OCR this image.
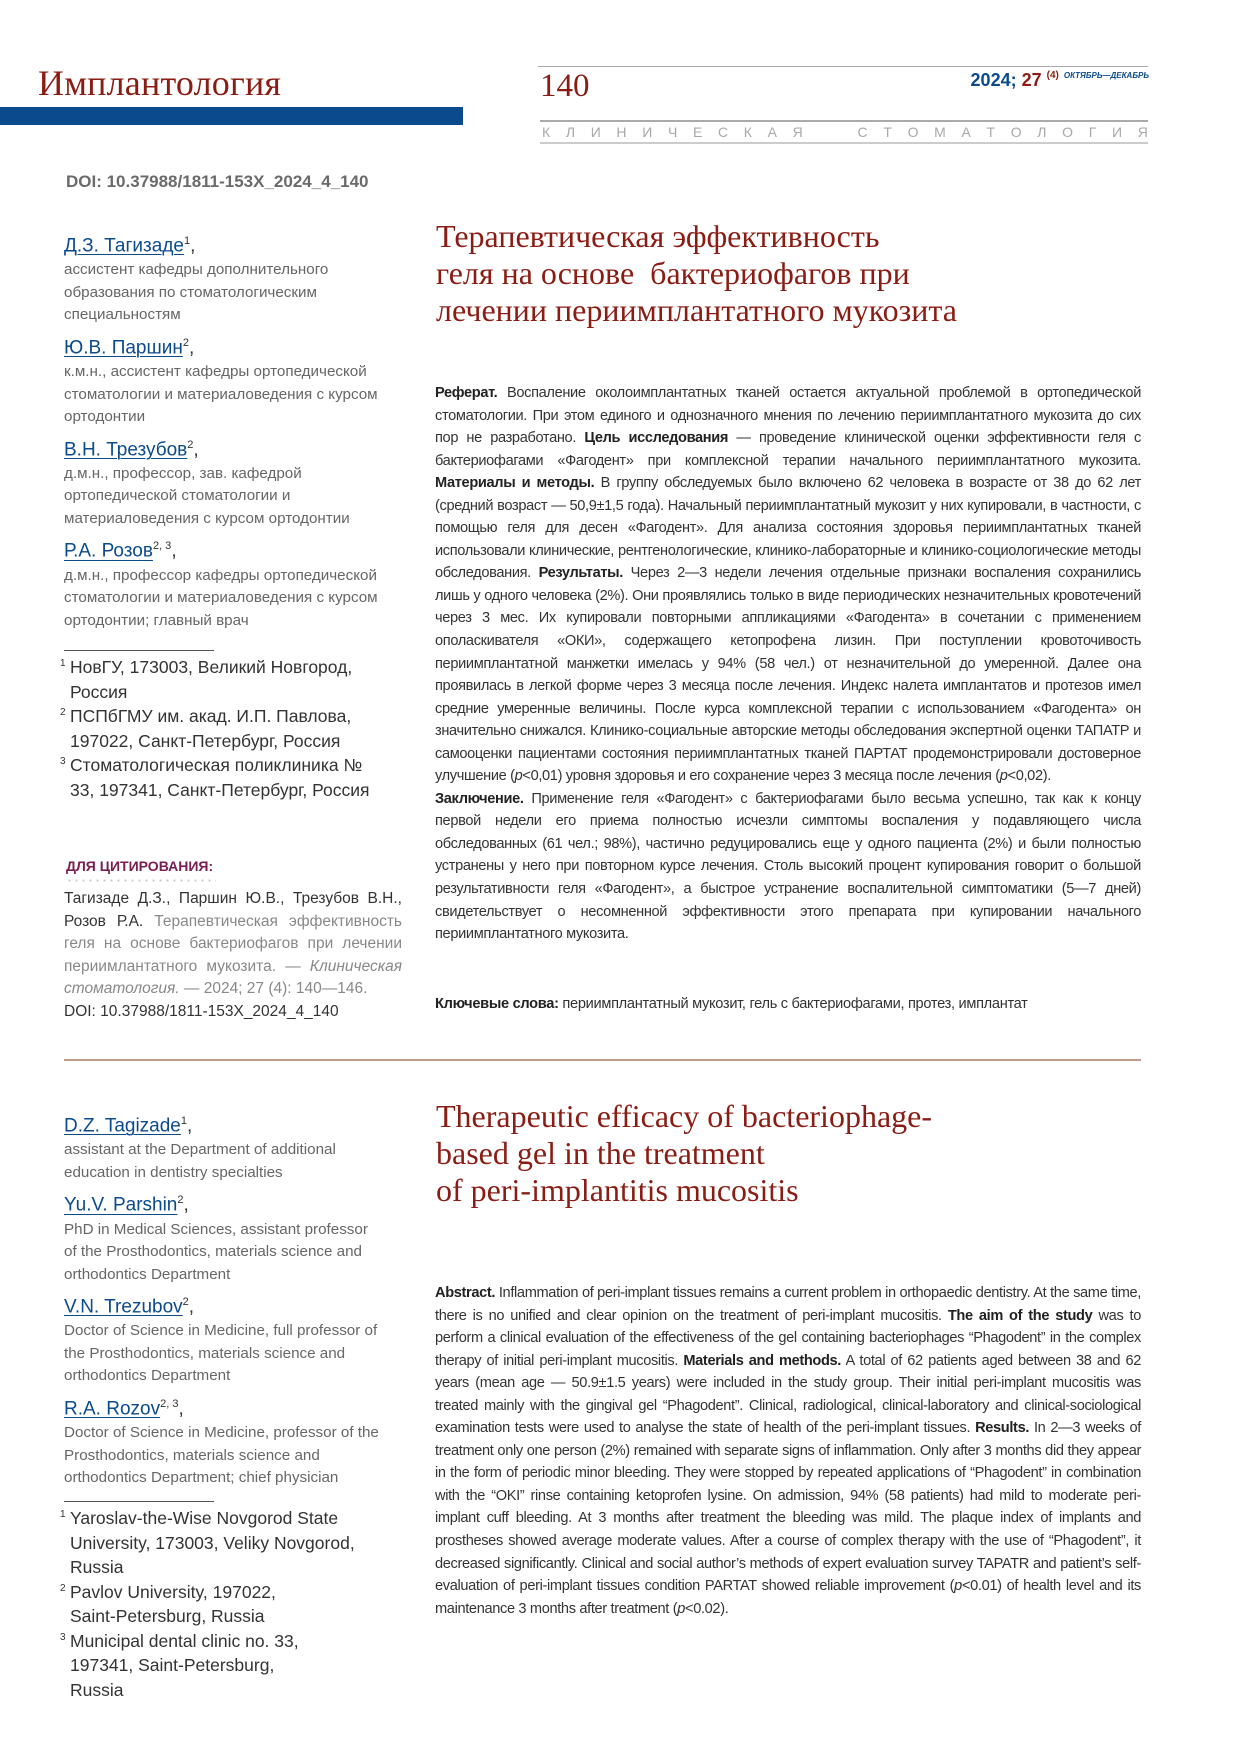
Имплантология	140	2024; 27 $^{(4)}$ $^{ОКТЯБРЬ—ДЕКАБРЬ}$
К Л И Н И Ч Е С К А Я

	С Т О М А Т О Л О Г И Я
DOI: 10.37988/1811-153X_2024_4_140
Д.З. Тагизаде$^1$,
ассистент кафедры дополнительного образования по стоматологическим специальностям
Ю.В. Паршин$^2$,
к.м.н., ассистент кафедры ортопедической стоматологии и материаловедения с курсом ортодонтии
В.Н. Трезубов$^2$,
д.м.н., профессор, зав. кафедрой ортопедической стоматологии и материаловедения с курсом ортодонтии
Р.А. Розов$^{2, 3}$,
д.м.н., профессор кафедры ортопедической стоматологии и материаловедения с курсом ортодонтии; главный врач
1 НовГУ, 173003, Великий Новгород, Россия
2 ПСПбГМУ им. акад. И.П. Павлова, 197022, Санкт-Петербург, Россия
3 Стоматологическая поликлиника № 33, 197341, Санкт-Петербург, Россия
ДЛЯ ЦИТИРОВАНИЯ:
Тагизаде Д.З., Паршин Ю.В., Трезубов В.Н., Розов Р.А. Терапевтическая эффективность геля на основе бактериофагов при лечении периимлантатного мукозита. — Клиническая стоматология. — 2024; 27 (4): 140—146.
DOI: 10.37988/1811-153X_2024_4_140
Терапевтическая эффективность
геля на основе  бактериофагов при
лечении периимплантатного мукозита
Реферат. Воспаление околоимплантатных тканей остается актуальной проблемой в ортопедической стоматологии. При этом единого и однозначного мнения по лечению периимплантатного мукозита до сих пор не разработано. Цель исследования — проведение клинической оценки эффективности геля с бактериофагами «Фагодент» при комплексной терапии начального периимплантатного мукозита. Материалы и методы. В группу обследуемых было включено 62 человека в возрасте от 38 до 62 лет (средний возраст — 50,9±1,5 года). Начальный периимплантатный мукозит у них купировали, в частности, с помощью геля для десен «Фагодент». Для анализа состояния здоровья периимплантатных тканей использовали клинические, рентгенологические, клинико-лабораторные и клинико-социологические методы обследования. Результаты. Через 2—3 недели лечения отдельные признаки воспаления сохранились лишь у одного человека (2%). Они проявлялись только в виде периодических незначительных кровотечений через 3 мес. Их купировали повторными аппликациями «Фагодента» в сочетании с применением ополаскивателя «ОКИ», содержащего кетопрофена лизин. При поступлении кровоточивость периимплантатной манжетки имелась у 94% (58 чел.) от незначительной до умеренной. Далее она проявилась в легкой форме через 3 месяца после лечения. Индекс налета имплантатов и протезов имел средние умеренные величины. После курса комплексной терапии с использованием «Фагодента» он значительно снижался. Клинико-социальные авторские методы обследования экспертной оценки ТАПАТР и самооценки пациентами состояния периимплантатных тканей ПАРТАТ продемонстрировали достоверное улучшение (p<0,01) уровня здоровья и его сохранение через 3 месяца после лечения (p<0,02).
Заключение. Применение геля «Фагодент» с бактериофагами было весьма успешно, так как к концу первой недели его приема полностью исчезли симптомы воспаления у подавляющего числа обследованных (61 чел.; 98%), частично редуцировались еще у одного пациента (2%) и были полностью устранены у него при повторном курсе лечения. Столь высокий процент купирования говорит о большой результативности геля «Фагодент», а быстрое устранение воспалительной симптоматики (5—7 дней) свидетельствует о несомненной эффективности этого препарата при купировании начального периимплантатного мукозита.
Ключевые слова: периимплантатный мукозит, гель с бактериофагами, протез, имплантат
D.Z. Tagizade$^1$,
assistant at the Department of additional education in dentistry specialties
Yu.V. Parshin$^2$,
PhD in Medical Sciences, assistant professor of the Prosthodontics, materials science and orthodontics Department
V.N. Trezubov$^2$,
Doctor of Science in Medicine, full professor of the Prosthodontics, materials science and orthodontics Department
R.A. Rozov$^{2, 3}$,
Doctor of Science in Medicine, professor of the Prosthodontics, materials science and orthodontics Department; chief physician
1 Yaroslav-the-Wise Novgorod State University, 173003, Veliky Novgorod, Russia
2 Pavlov University, 197022, Saint-Petersburg, Russia
3 Municipal dental clinic no. 33, 197341, Saint-Petersburg, Russia
Therapeutic efficacy of bacteriophage-
based gel in the treatment
of peri-implantitis mucositis
Abstract. Inflammation of peri-implant tissues remains a current problem in orthopaedic dentistry. At the same time, there is no unified and clear opinion on the treatment of peri-implant mucositis. The aim of the study was to perform a clinical evaluation of the effectiveness of the gel containing bacteriophages “Phagodent” in the complex therapy of initial peri-implant mucositis. Materials and methods. A total of 62 patients aged between 38 and 62 years (mean age — 50.9±1.5 years) were included in the study group. Their initial peri-implant mucositis was treated mainly with the gingival gel “Phagodent”. Clinical, radiological, clinical-laboratory and clinical-sociological examination tests were used to analyse the state of health of the peri-implant tissues. Results. In 2—3 weeks of treatment only one person (2%) remained with separate signs of inflammation. Only after 3 months did they appear in the form of periodic minor bleeding. They were stopped by repeated applications of “Phagodent” in combination with the “OKI” rinse containing ketoprofen lysine. On admission, 94% (58 patients) had mild to moderate peri-implant cuff bleeding. At 3 months after treatment the bleeding was mild. The plaque index of implants and prostheses showed average moderate values. After a course of complex therapy with the use of “Phagodent”, it decreased significantly. Clinical and social author’s methods of expert evaluation survey TAPATR and patient’s self-evaluation of peri-implant tissues condition PARTAT showed reliable improvement (p<0.01) of health level and its maintenance 3 months after treatment (p<0.02).
